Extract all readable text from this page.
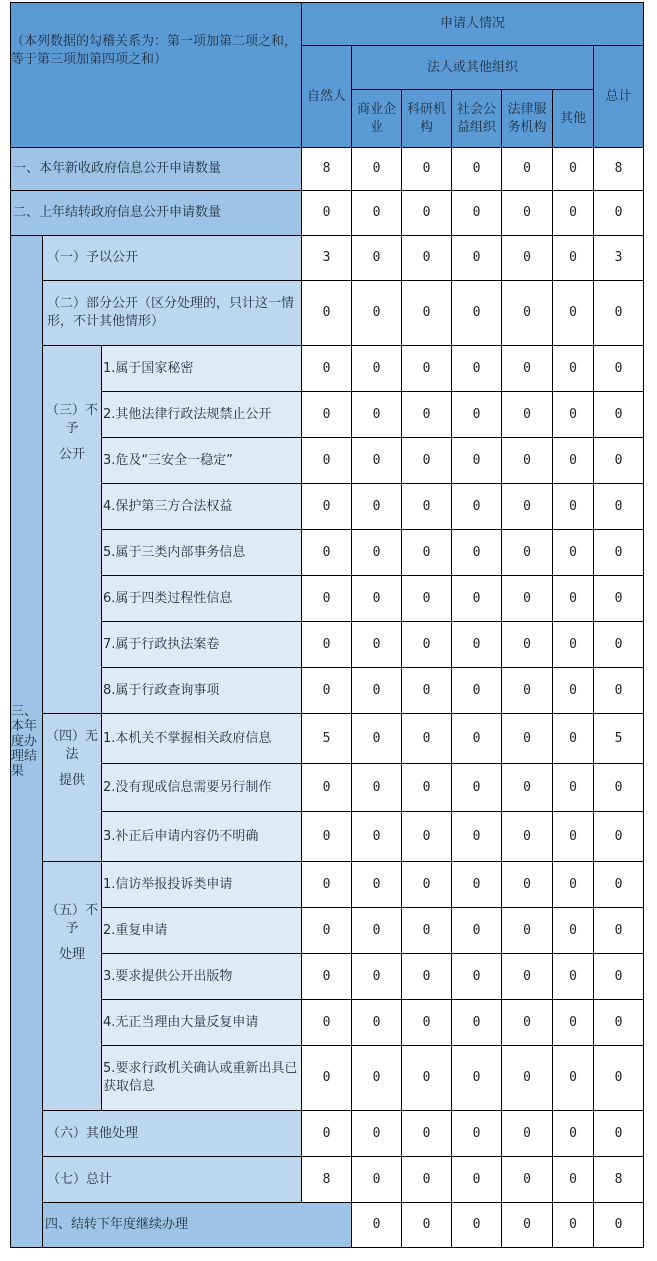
（本列数据的勾稽关系为：第一项加第二项之和，等于第三项加第四项之和）			申请人情况							
			自然人	法人或其他组织					总计	
				商业企业	科研机构	社会公益组织	法律服务机构	其他		
一、本年新收政府信息公开申请数量			8	0	0	0	0	0	8	
二、上年结转政府信息公开申请数量			0	0	0	0	0	0	0	
三、本年度办理结果	（一）予以公开		3	0	0	0	0	0	3	
	（二）部分公开（区分处理的，只计这一情形，不计其他情形）		0	0	0	0	0	0	0	

	（三）不予
公开	1.属于国家秘密	0	0	0	0	0	0	0	
		2.其他法律行政法规禁止公开	0	0	0	0	0	0	0	
		3.危及“三安全一稳定”	0	0	0	0	0	0	0	
		4.保护第三方合法权益	0	0	0	0	0	0	0	
		5.属于三类内部事务信息	0	0	0	0	0	0	0	
		6.属于四类过程性信息	0	0	0	0	0	0	0	
		7.属于行政执法案卷	0	0	0	0	0	0	0	
		8.属于行政查询事项	0	0	0	0	0	0	0	

	（四）无法
提供	1.本机关不掌握相关政府信息	5	0	0	0	0	0	5	
		2.没有现成信息需要另行制作	0	0	0	0	0	0	0	
		3.补正后申请内容仍不明确	0	0	0	0	0	0	0	

	（五）不予
处理	1.信访举报投诉类申请	0	0	0	0	0	0	0	
		2.重复申请	0	0	0	0	0	0	0	
		3.要求提供公开出版物	0	0	0	0	0	0	0	
		4.无正当理由大量反复申请	0	0	0	0	0	0	0	
		5.要求行政机关确认或重新出具已获取信息	0	0	0	0	0	0	0	
	（六）其他处理		0	0	0	0	0	0	0	
	（七）总计		8	0	0	0	0	0	8	
	四、结转下年度继续办理			0	0	0	0	0	0	
